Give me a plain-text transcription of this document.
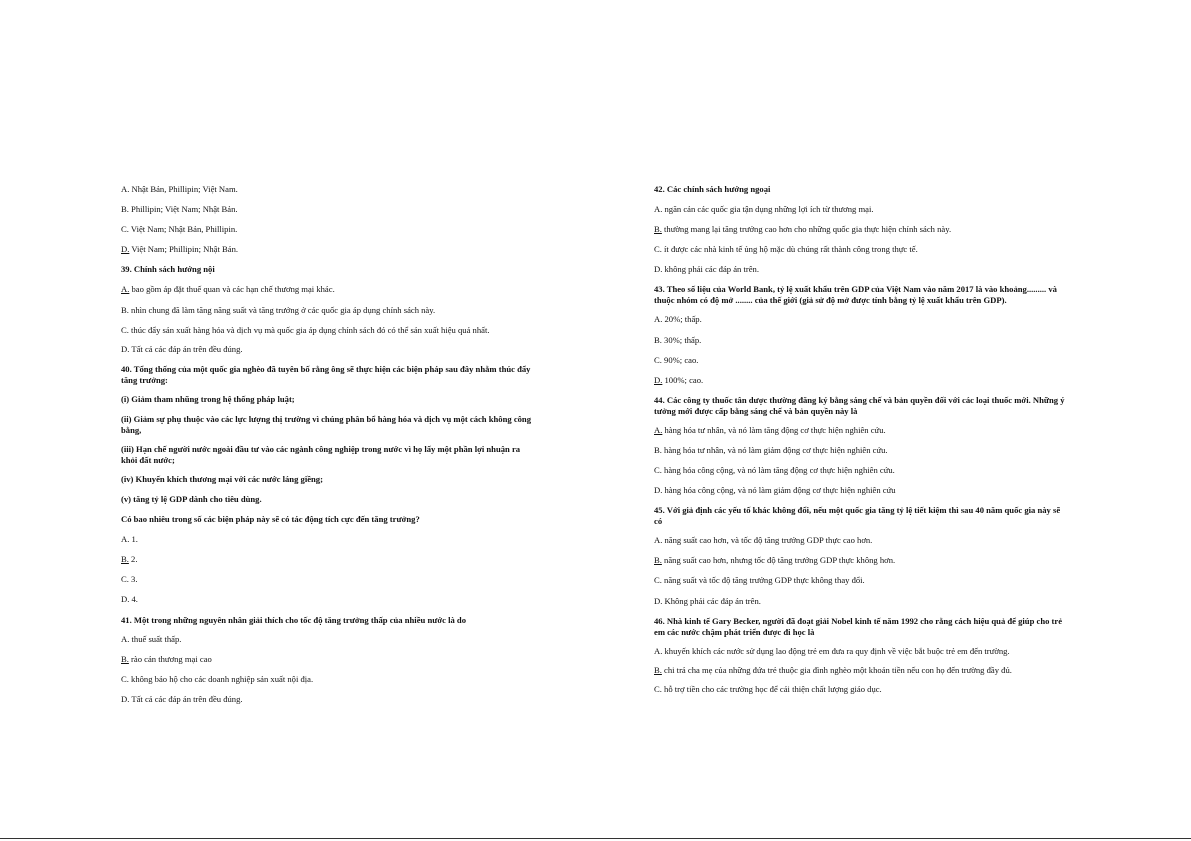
A. Nhật Bản, Phillipin; Việt Nam.

B. Phillipin; Việt Nam; Nhật Bản.

C. Việt Nam; Nhật Bản, Phillipin.

D. Việt Nam; Phillipin; Nhật Bản.

39. Chính sách hướng nội

A. bao gồm áp đặt thuế quan và các hạn chế thương mại khác.

B. nhìn chung đã làm tăng năng suất và tăng trưởng ở các quốc gia áp dụng chính sách này.

C. thúc đẩy sản xuất hàng hóa và dịch vụ mà quốc gia áp dụng chính sách đó có thể sản xuất hiệu quả nhất.

D. Tất cả các đáp án trên đều đúng.

40. Tổng thống của một quốc gia nghèo đã tuyên bố rằng ông sẽ thực hiện các biện pháp sau đây nhằm thúc đẩy tăng trưởng:

(i) Giảm tham nhũng trong hệ thống pháp luật;

(ii) Giảm sự phụ thuộc vào các lực lượng thị trường vì chúng phân bổ hàng hóa và dịch vụ một cách không công bằng,

(iii) Hạn chế người nước ngoài đầu tư vào các ngành công nghiệp trong nước vì họ lấy một phần lợi nhuận ra khỏi đất nước;

(iv) Khuyến khích thương mại với các nước láng giềng;

(v) tăng tỷ lệ GDP dành cho tiêu dùng.

Có bao nhiêu trong số các biện pháp này sẽ có tác động tích cực đến tăng trưởng?

A. 1.

B. 2.

C. 3.

D. 4.

41. Một trong những nguyên nhân giải thích cho tốc độ tăng trưởng thấp của nhiều nước là do

A. thuế suất thấp.

B. rào cản thương mại cao

C. không bảo hộ cho các doanh nghiệp sản xuất nội địa.

D. Tất cả các đáp án trên đều đúng.

42. Các chính sách hướng ngoại

A. ngăn cản các quốc gia tận dụng những lợi ích từ thương mại.

B. thường mang lại tăng trưởng cao hơn cho những quốc gia thực hiện chính sách này.

C. ít được các nhà kinh tế ủng hộ mặc dù chúng rất thành công trong thực tế.

D. không phải các đáp án trên.

43. Theo số liệu của World Bank, tỷ lệ xuất khẩu trên GDP của Việt Nam vào năm 2017 là vào khoảng......... và thuộc nhóm có độ mở ........ của thế giới (giả sử độ mở được tính bằng tỷ lệ xuất khẩu trên GDP).

A. 20%; thấp.

B. 30%; thấp.

C. 90%; cao.

D. 100%; cao.

44. Các công ty thuốc tân dược thường đăng ký bằng sáng chế và bản quyền đối với các loại thuốc mới. Những ý tưởng mới được cấp bằng sáng chế và bản quyền này là

A. hàng hóa tư nhân, và nó làm tăng động cơ thực hiện nghiên cứu.

B. hàng hóa tư nhân, và nó làm giảm động cơ thực hiện nghiên cứu.

C. hàng hóa công cộng, và nó làm tăng động cơ thực hiện nghiên cứu.

D. hàng hóa công cộng, và nó làm giảm động cơ thực hiện nghiên cứu

45. Với giả định các yếu tố khác không đổi, nếu một quốc gia tăng tỷ lệ tiết kiệm thì sau 40 năm quốc gia này sẽ có

A. năng suất cao hơn, và tốc độ tăng trưởng GDP thực cao hơn.

B. năng suất cao hơn, nhưng tốc độ tăng trưởng GDP thực không hơn.

C. năng suất và tốc độ tăng trưởng GDP thực không thay đổi.

D. Không phải các đáp án trên.

46. Nhà kinh tế Gary Becker, người đã đoạt giải Nobel kinh tế năm 1992 cho rằng cách hiệu quả để giúp cho trẻ em các nước chậm phát triển được đi học là

A. khuyến khích các nước sử dụng lao động trẻ em đưa ra quy định về việc bắt buộc trẻ em đến trường.

B. chi trả cha mẹ của những đứa trẻ thuộc gia đình nghèo một khoản tiền nếu con họ đến trường đầy đủ.

C. hỗ trợ tiền cho các trường học để cải thiện chất lượng giáo dục.
